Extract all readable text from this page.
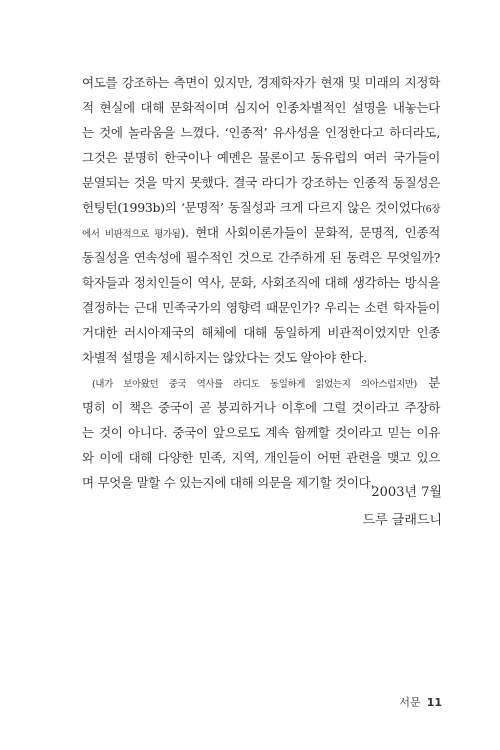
여도를 강조하는 측면이 있지만, 경제학자가 현재 및 미래의 지정학
적 현실에 대해 문화적이며 심지어 인종차별적인 설명을 내놓는다
는 것에 놀라움을 느꼈다. ‘인종적’ 유사성을 인정한다고 하더라도,
그것은 분명히 한국이나 예멘은 물론이고 동유럽의 여러 국가들이
분열되는 것을 막지 못했다. 결국 라디가 강조하는 인종적 동질성은
헌팅턴(1993b)의 ‘문명적’ 동질성과 크게 다르지 않은 것이었다(6장
에서 비판적으로 평가됨). 현대 사회이론가들이 문화적, 문명적, 인종적
동질성을 연속성에 필수적인 것으로 간주하게 된 동력은 무엇일까?
학자들과 정치인들이 역사, 문화, 사회조직에 대해 생각하는 방식을
결정하는 근대 민족국가의 영향력 때문인가? 우리는 소련 학자들이
거대한 러시아제국의 해체에 대해 동일하게 비관적이었지만 인종
차별적 설명을 제시하지는 않았다는 것도 알아야 한다.
(내가 보아왔던 중국 역사를 라디도 동일하게 읽었는지 의아스럽지만) 분
명히 이 책은 중국이 곧 붕괴하거나 이후에 그럴 것이라고 주장하
는 것이 아니다. 중국이 앞으로도 계속 함께할 것이라고 믿는 이유
와 이에 대해 다양한 민족, 지역, 개인들이 어떤 관련을 맺고 있으
며 무엇을 말할 수 있는지에 대해 의문을 제기할 것이다.
2003년 7월
드루 글래드니
서문 11
